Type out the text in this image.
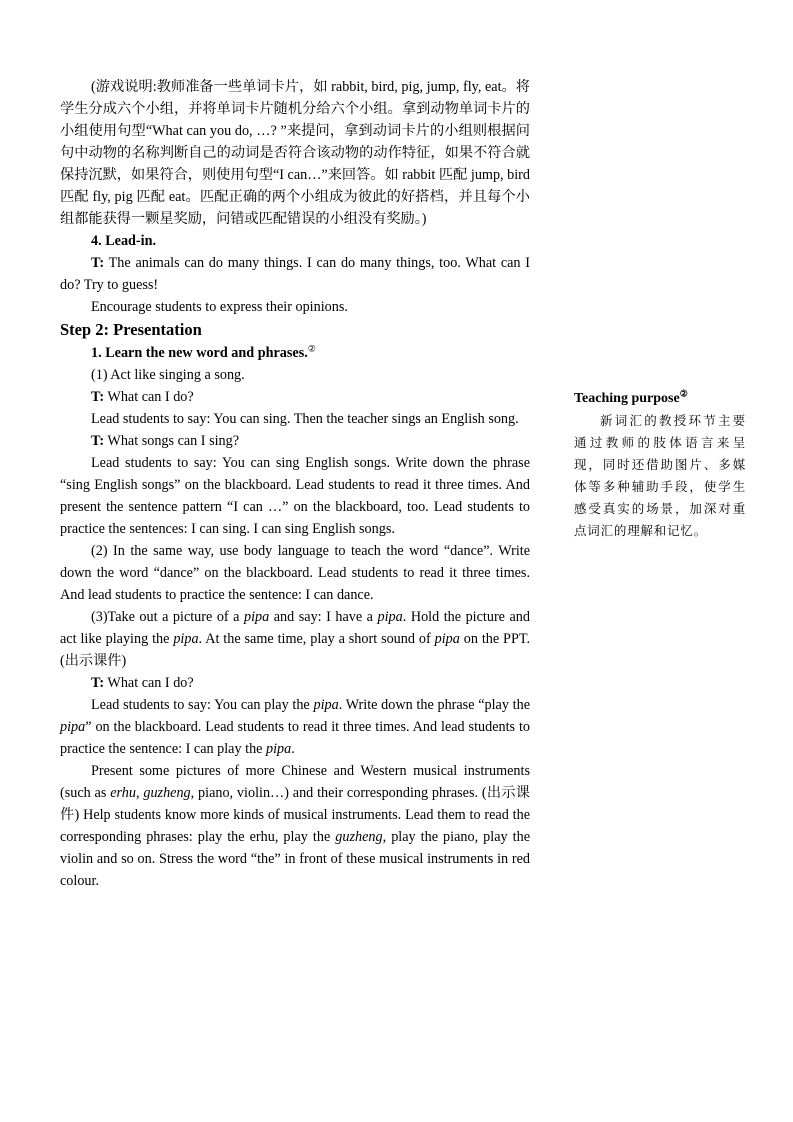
(游戏说明:教师准备一些单词卡片，如 rabbit, bird, pig, jump, fly, eat。将学生分成六个小组，并将单词卡片随机分给六个小组。拿到动物单词卡片的小组使用句型“What can you do, …? ”来提问，拿到动词卡片的小组则根据问句中动物的名称判断自己的动词是否符合该动物的动作特征，如果不符合就保持沉默，如果符合，则使用句型“I can…”来回答。如 rabbit 匹配 jump, bird 匹配 fly, pig 匹配 eat。匹配正确的两个小组成为彼此的好搭档，并且每个小组都能获得一颗星奖励，问错或匹配错误的小组没有奖励。)

4. Lead-in.

T: The animals can do many things. I can do many things, too. What can I do? Try to guess!

Encourage students to express their opinions.

Step 2: Presentation

1. Learn the new word and phrases.②

(1) Act like singing a song.

T: What can I do?

Lead students to say: You can sing. Then the teacher sings an English song.

T: What songs can I sing?

Lead students to say: You can sing English songs. Write down the phrase “sing English songs” on the blackboard. Lead students to read it three times. And present the sentence pattern “I can …” on the blackboard, too. Lead students to practice the sentences: I can sing. I can sing English songs.

(2) In the same way, use body language to teach the word “dance”. Write down the word “dance” on the blackboard. Lead students to read it three times. And lead students to practice the sentence: I can dance.

(3)Take out a picture of a pipa and say: I have a pipa. Hold the picture and act like playing the pipa. At the same time, play a short sound of pipa on the PPT. (出示课件)

T: What can I do?

Lead students to say: You can play the pipa. Write down the phrase “play the pipa” on the blackboard. Lead students to read it three times. And lead students to practice the sentence: I can play the pipa.

Present some pictures of more Chinese and Western musical instruments (such as erhu, guzheng, piano, violin…) and their corresponding phrases. (出示课件) Help students know more kinds of musical instruments. Lead them to read the corresponding phrases: play the erhu, play the guzheng, play the piano, play the violin and so on. Stress the word “the” in front of these musical instruments in red colour.

Teaching purpose②

新词汇的教授环节主要通过教师的肢体语言来呈现，同时还借助图片、多媒体等多种辅助手段，使学生感受真实的场景，加深对重点词汇的理解和记忆。
